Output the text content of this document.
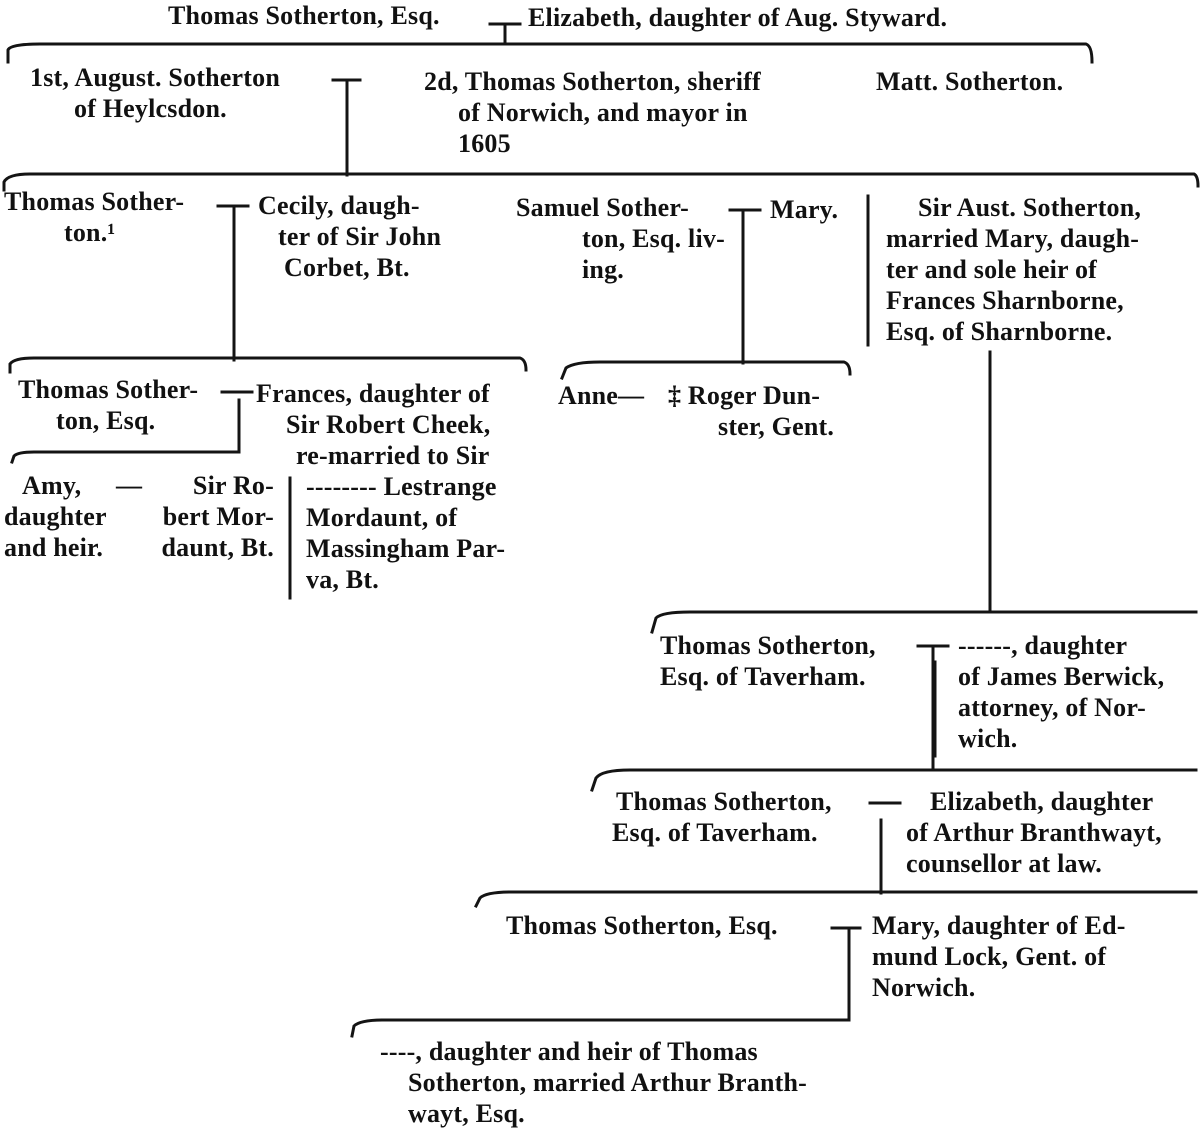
Thomas Sotherton, Esq.	Elizabeth, daughter of Aug. Styward.
1st, August. Sotherton
of Heylcsdon.
2d, Thomas Sotherton, sheriff
of Norwich, and mayor in
1605
Matt. Sotherton.
Thomas Sother-
ton.¹
Cecily, daugh-
ter of Sir John
Corbet, Bt.
Samuel Sother-
ton, Esq. liv-
ing.
Mary.	Sir Aust. Sotherton,
married Mary, daugh-
ter and sole heir of
Frances Sharnborne,
Esq. of Sharnborne.
Thomas Sother-
ton, Esq.
Frances, daughter of
Sir Robert Cheek,
re-married to Sir
-------- Lestrange
Mordaunt, of
Massingham Par-
va, Bt.
Anne— ‡ Roger Dun-
ster, Gent.
Amy,
daughter
and heir.
—	Sir Ro-
bert Mor-
daunt, Bt.
Thomas Sotherton,
Esq. of Taverham.
------, daughter
of James Berwick,
attorney, of Nor-
wich.
Thomas Sotherton,
Esq. of Taverham.
Elizabeth, daughter
of Arthur Branthwayt,
counsellor at law.
Thomas Sotherton, Esq.	Mary, daughter of Ed-
mund Lock, Gent. of
Norwich.
----, daughter and heir of Thomas
Sotherton, married Arthur Branth-
wayt, Esq.
